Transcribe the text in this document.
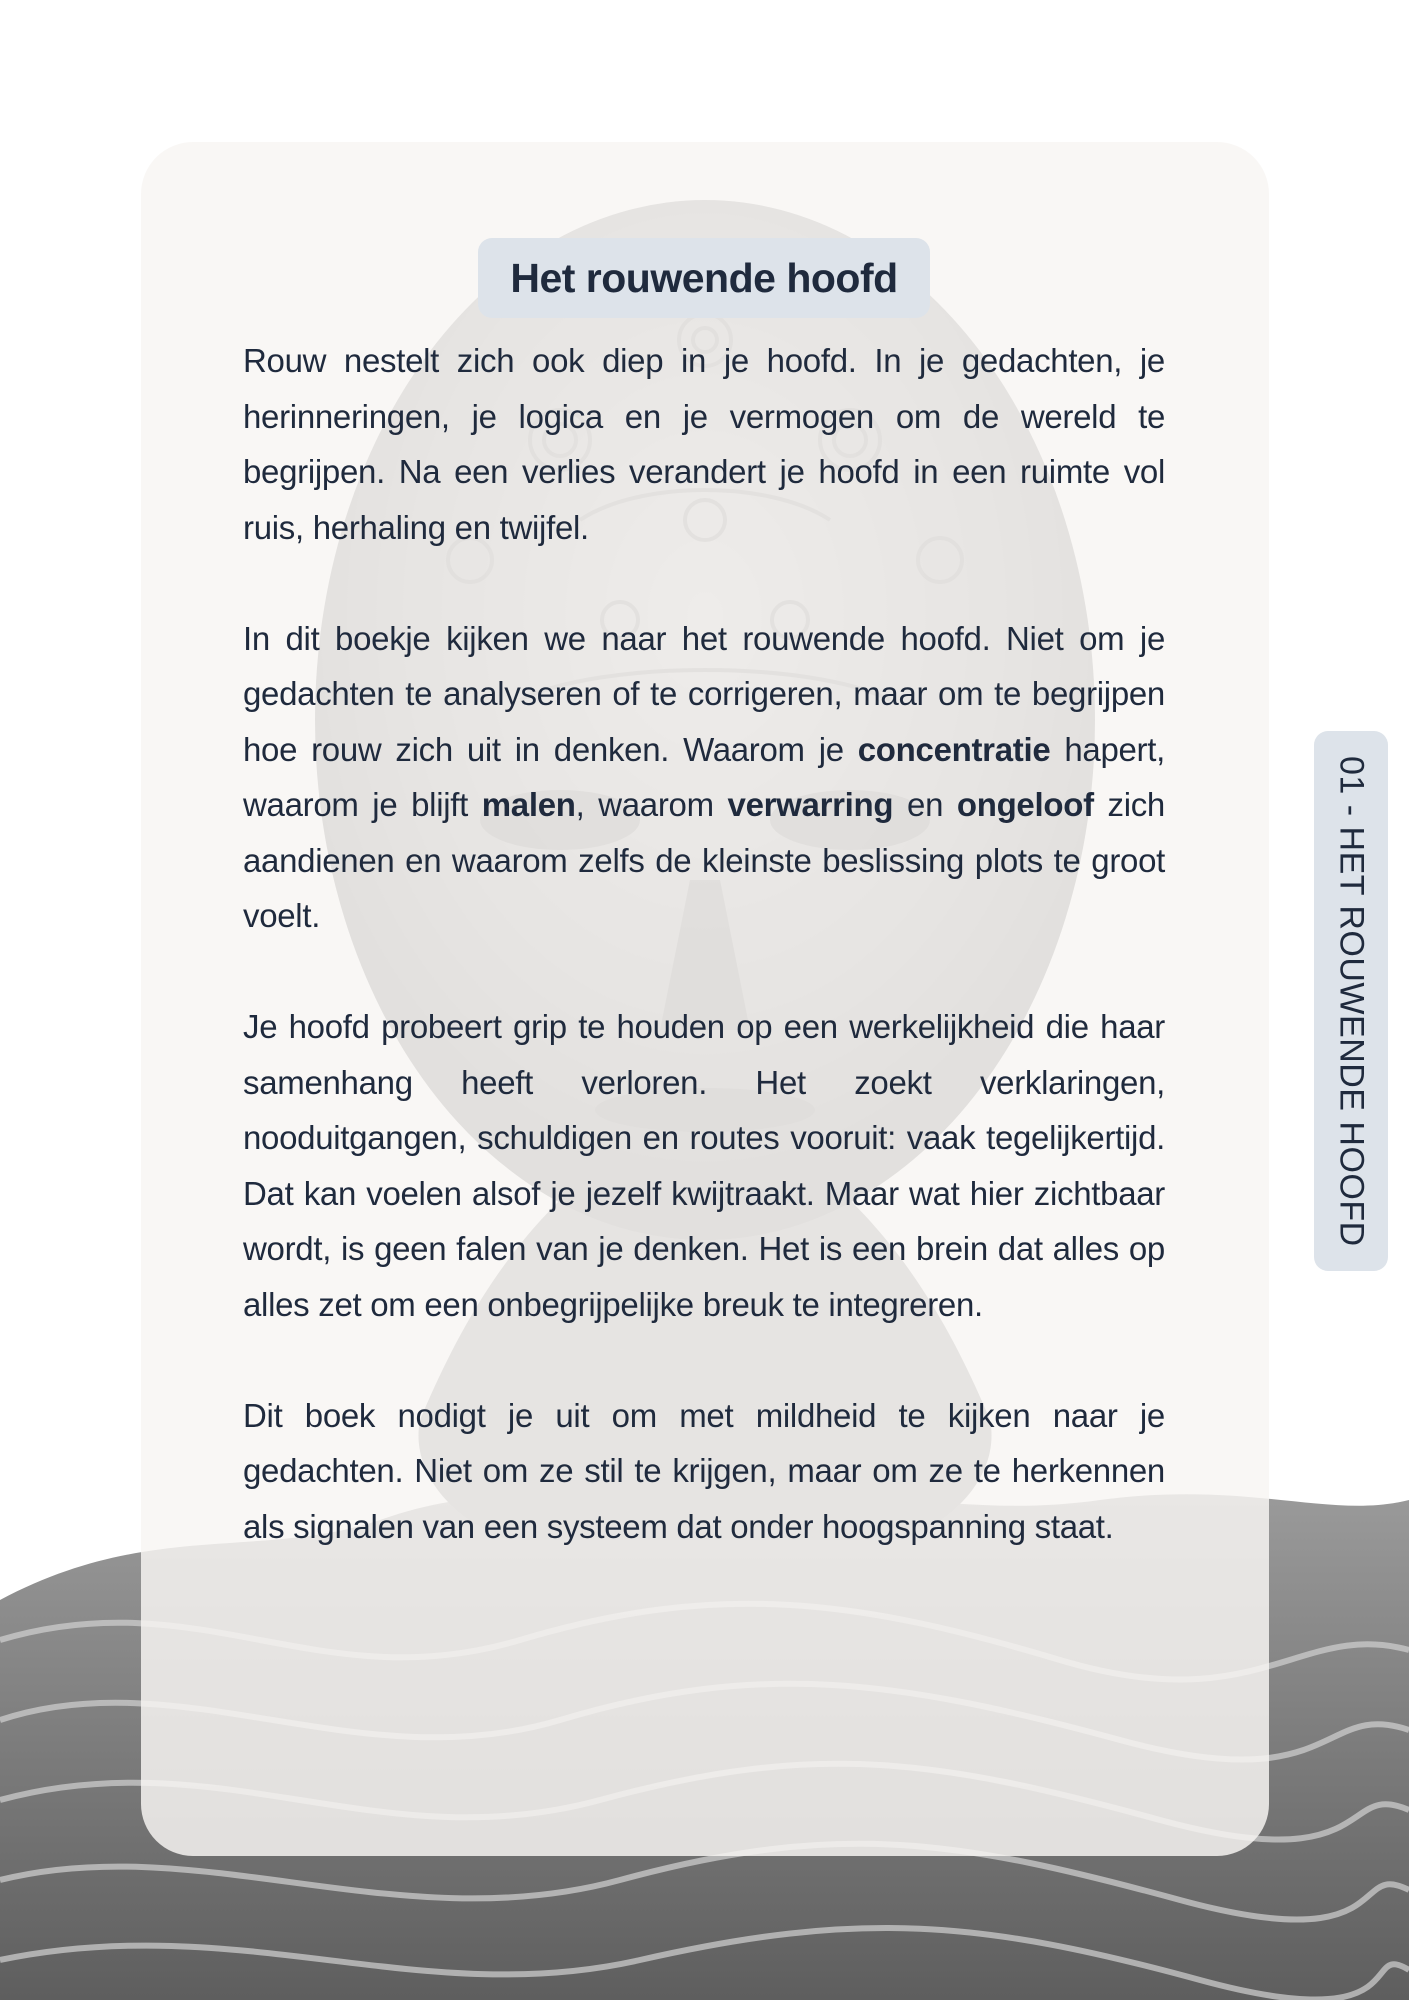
Het rouwende hoofd

Rouw nestelt zich ook diep in je hoofd. In je gedachten, je herinneringen, je logica en je vermogen om de wereld te begrijpen. Na een verlies verandert je hoofd in een ruimte vol ruis, herhaling en twijfel.

In dit boekje kijken we naar het rouwende hoofd. Niet om je gedachten te analyseren of te corrigeren, maar om te begrijpen hoe rouw zich uit in denken. Waarom je concentratie hapert, waarom je blijft malen, waarom verwarring en ongeloof zich aandienen en waarom zelfs de kleinste beslissing plots te groot voelt.

Je hoofd probeert grip te houden op een werkelijkheid die haar samenhang heeft verloren. Het zoekt verklaringen, nooduitgangen, schuldigen en routes vooruit: vaak tegelijkertijd. Dat kan voelen alsof je jezelf kwijtraakt. Maar wat hier zichtbaar wordt, is geen falen van je denken. Het is een brein dat alles op alles zet om een onbegrijpelijke breuk te integreren.

Dit boek nodigt je uit om met mildheid te kijken naar je gedachten. Niet om ze stil te krijgen, maar om ze te herkennen als signalen van een systeem dat onder hoogspanning staat.

01 - HET ROUWENDE HOOFD
